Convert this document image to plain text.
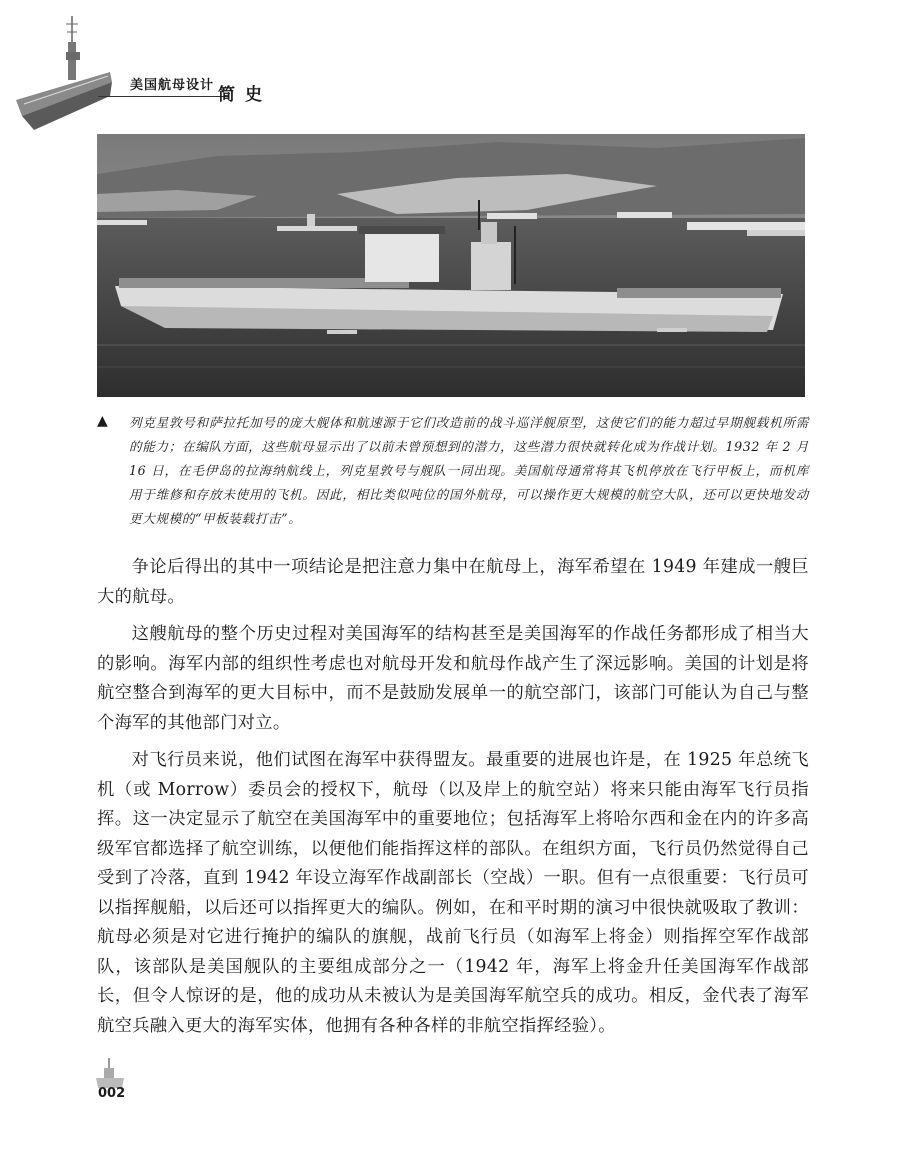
美国航母设计 简史
▲ 列克星敦号和萨拉托加号的庞大舰体和航速源于它们改造前的战斗巡洋舰原型，这使它们的能力超过早期舰载机所需的能力；在编队方面，这些航母显示出了以前未曾预想到的潜力，这些潜力很快就转化成为作战计划。1932 年 2 月 16 日，在毛伊岛的拉海纳航线上，列克星敦号与舰队一同出现。美国航母通常将其飞机停放在飞行甲板上，而机库用于维修和存放未使用的飞机。因此，相比类似吨位的国外航母，可以操作更大规模的航空大队，还可以更快地发动更大规模的“甲板装载打击”。

争论后得出的其中一项结论是把注意力集中在航母上，海军希望在 1949 年建成一艘巨大的航母。

这艘航母的整个历史过程对美国海军的结构甚至是美国海军的作战任务都形成了相当大的影响。海军内部的组织性考虑也对航母开发和航母作战产生了深远影响。美国的计划是将航空整合到海军的更大目标中，而不是鼓励发展单一的航空部门，该部门可能认为自己与整个海军的其他部门对立。

对飞行员来说，他们试图在海军中获得盟友。最重要的进展也许是，在 1925 年总统飞机（或 Morrow）委员会的授权下，航母（以及岸上的航空站）将来只能由海军飞行员指挥。这一决定显示了航空在美国海军中的重要地位；包括海军上将哈尔西和金在内的许多高级军官都选择了航空训练，以便他们能指挥这样的部队。在组织方面，飞行员仍然觉得自己受到了冷落，直到 1942 年设立海军作战副部长（空战）一职。但有一点很重要：飞行员可以指挥舰船，以后还可以指挥更大的编队。例如，在和平时期的演习中很快就吸取了教训：航母必须是对它进行掩护的编队的旗舰，战前飞行员（如海军上将金）则指挥空军作战部队，该部队是美国舰队的主要组成部分之一（1942 年，海军上将金升任美国海军作战部长，但令人惊讶的是，他的成功从未被认为是美国海军航空兵的成功。相反，金代表了海军航空兵融入更大的海军实体，他拥有各种各样的非航空指挥经验）。

002
